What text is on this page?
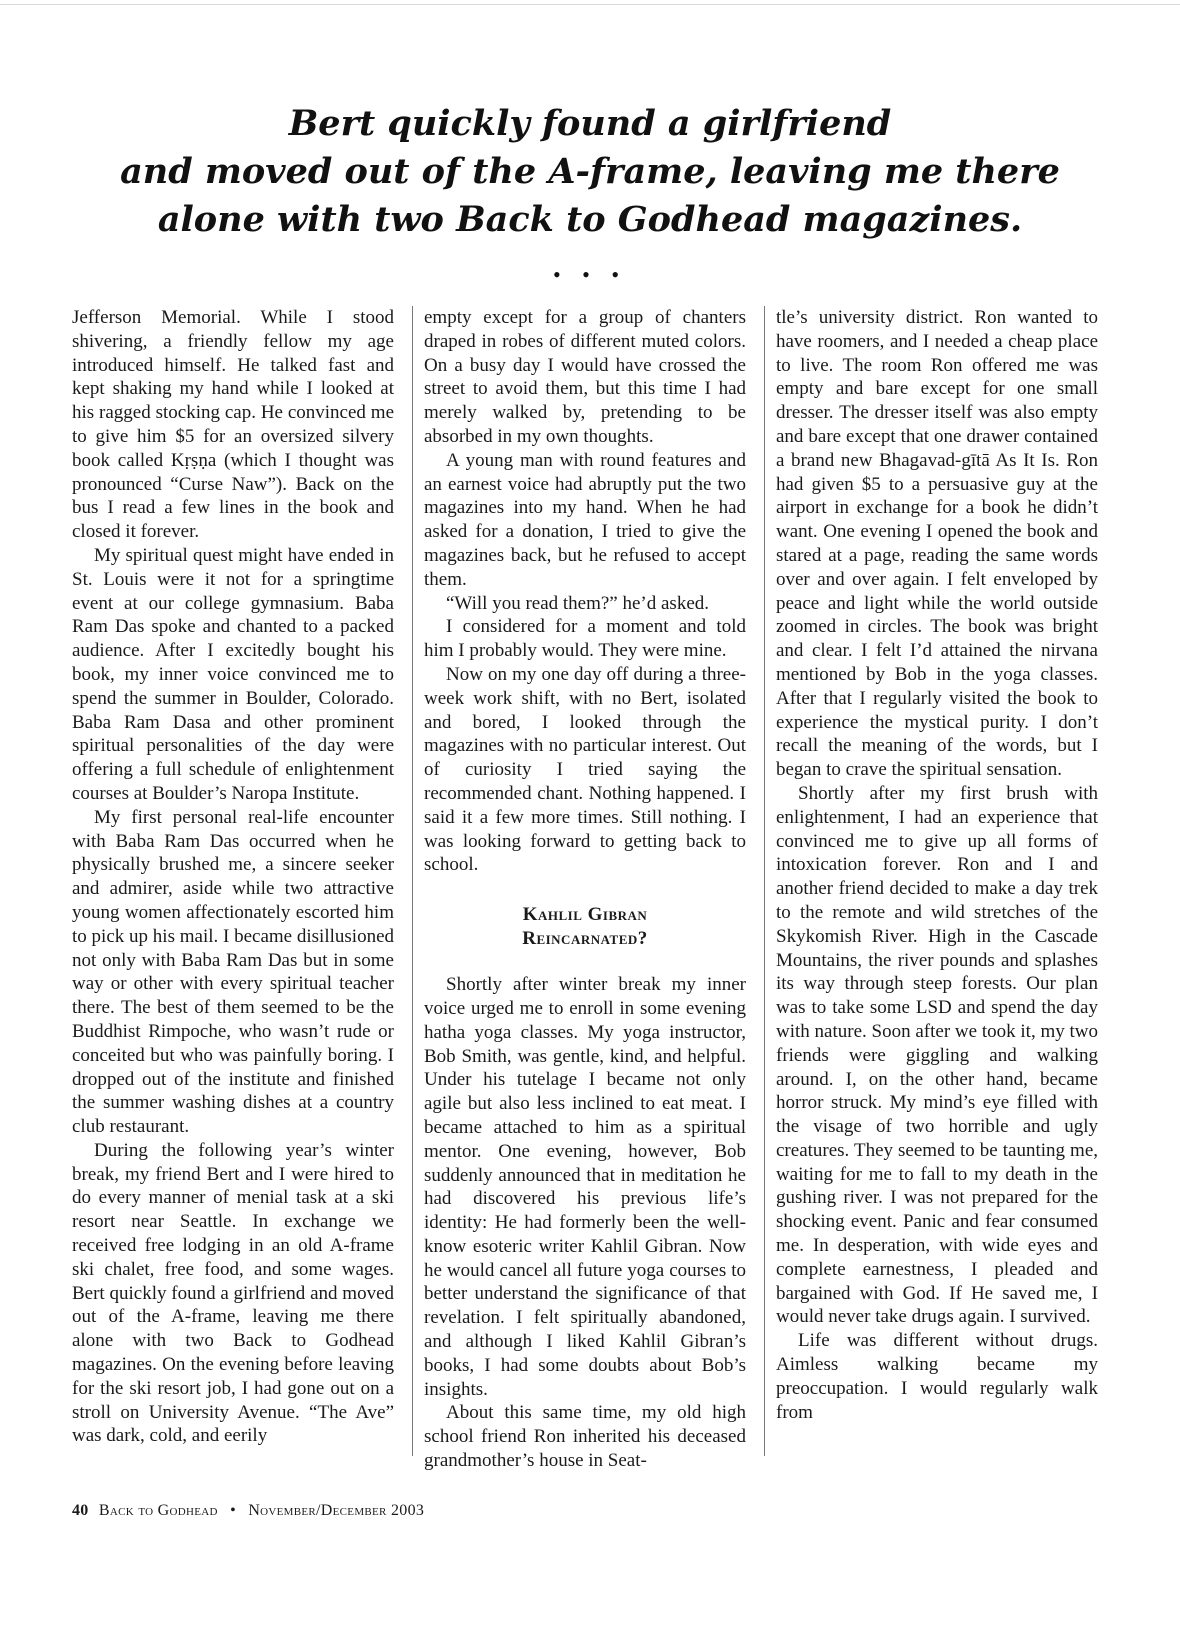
Bert quickly found a girlfriend
and moved out of the A-frame, leaving me there
alone with two Back to Godhead magazines.
• • •

Jefferson Memorial. While I stood shivering, a friendly fellow my age introduced himself. He talked fast and kept shaking my hand while I looked at his ragged stocking cap. He convinced me to give him $5 for an oversized silvery book called Kṛṣṇa (which I thought was pronounced “Curse Naw”). Back on the bus I read a few lines in the book and closed it forever.

My spiritual quest might have ended in St. Louis were it not for a springtime event at our college gymnasium. Baba Ram Das spoke and chanted to a packed audience. After I excitedly bought his book, my inner voice convinced me to spend the summer in Boulder, Colorado. Baba Ram Dasa and other prominent spiritual personalities of the day were offering a full schedule of enlightenment courses at Boulder’s Naropa Institute.

My first personal real-life encounter with Baba Ram Das occurred when he physically brushed me, a sincere seeker and admirer, aside while two attractive young women affectionately escorted him to pick up his mail. I became disillusioned not only with Baba Ram Das but in some way or other with every spiritual teacher there. The best of them seemed to be the Buddhist Rimpoche, who wasn’t rude or conceited but who was painfully boring. I dropped out of the institute and finished the summer washing dishes at a country club restaurant.

During the following year’s winter break, my friend Bert and I were hired to do every manner of menial task at a ski resort near Seattle. In exchange we received free lodging in an old A-frame ski chalet, free food, and some wages. Bert quickly found a girlfriend and moved out of the A-frame, leaving me there alone with two Back to Godhead magazines. On the evening before leaving for the ski resort job, I had gone out on a stroll on University Avenue. “The Ave” was dark, cold, and eerily

empty except for a group of chanters draped in robes of different muted colors. On a busy day I would have crossed the street to avoid them, but this time I had merely walked by, pretending to be absorbed in my own thoughts.

A young man with round features and an earnest voice had abruptly put the two magazines into my hand. When he had asked for a donation, I tried to give the magazines back, but he refused to accept them.

“Will you read them?” he’d asked.

I considered for a moment and told him I probably would. They were mine.

Now on my one day off during a three-week work shift, with no Bert, isolated and bored, I looked through the magazines with no particular interest. Out of curiosity I tried saying the recommended chant. Nothing happened. I said it a few more times. Still nothing. I was looking forward to getting back to school.

Kahlil Gibran
Reincarnated?

Shortly after winter break my inner voice urged me to enroll in some evening hatha yoga classes. My yoga instructor, Bob Smith, was gentle, kind, and helpful. Under his tutelage I became not only agile but also less inclined to eat meat. I became attached to him as a spiritual mentor. One evening, however, Bob suddenly announced that in meditation he had discovered his previous life’s identity: He had formerly been the well-know esoteric writer Kahlil Gibran. Now he would cancel all future yoga courses to better understand the significance of that revelation. I felt spiritually abandoned, and although I liked Kahlil Gibran’s books, I had some doubts about Bob’s insights.

About this same time, my old high school friend Ron inherited his deceased grandmother’s house in Seat-

tle’s university district. Ron wanted to have roomers, and I needed a cheap place to live. The room Ron offered me was empty and bare except for one small dresser. The dresser itself was also empty and bare except that one drawer contained a brand new Bhagavad-gītā As It Is. Ron had given $5 to a persuasive guy at the airport in exchange for a book he didn’t want. One evening I opened the book and stared at a page, reading the same words over and over again. I felt enveloped by peace and light while the world outside zoomed in circles. The book was bright and clear. I felt I’d attained the nirvana mentioned by Bob in the yoga classes. After that I regularly visited the book to experience the mystical purity. I don’t recall the meaning of the words, but I began to crave the spiritual sensation.

Shortly after my first brush with enlightenment, I had an experience that convinced me to give up all forms of intoxication forever. Ron and I and another friend decided to make a day trek to the remote and wild stretches of the Skykomish River. High in the Cascade Mountains, the river pounds and splashes its way through steep forests. Our plan was to take some LSD and spend the day with nature. Soon after we took it, my two friends were giggling and walking around. I, on the other hand, became horror struck. My mind’s eye filled with the visage of two horrible and ugly creatures. They seemed to be taunting me, waiting for me to fall to my death in the gushing river. I was not prepared for the shocking event. Panic and fear consumed me. In desperation, with wide eyes and complete earnestness, I pleaded and bargained with God. If He saved me, I would never take drugs again. I survived.

Life was different without drugs. Aimless walking became my preoccupation. I would regularly walk from

40 Back to Godhead • November/December 2003
